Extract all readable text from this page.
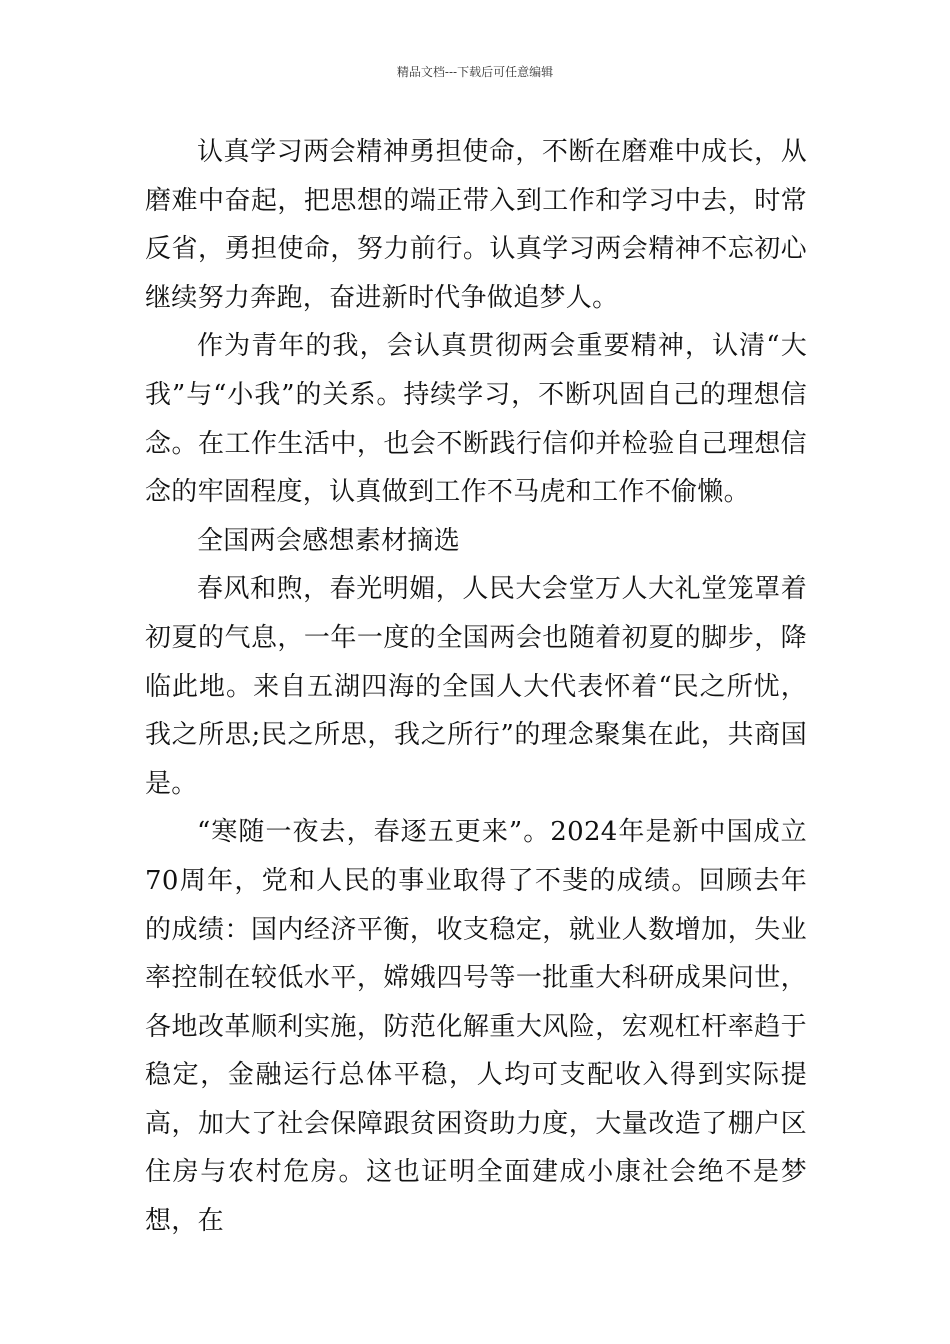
精品文档---下载后可任意编辑

认真学习两会精神勇担使命，不断在磨难中成长，从磨难中奋起，把思想的端正带入到工作和学习中去，时常反省，勇担使命，努力前行。认真学习两会精神不忘初心继续努力奔跑，奋进新时代争做追梦人。

作为青年的我，会认真贯彻两会重要精神，认清“大我”与“小我”的关系。持续学习，不断巩固自己的理想信念。在工作生活中，也会不断践行信仰并检验自己理想信念的牢固程度，认真做到工作不马虎和工作不偷懒。

全国两会感想素材摘选

春风和煦，春光明媚，人民大会堂万人大礼堂笼罩着初夏的气息，一年一度的全国两会也随着初夏的脚步，降临此地。来自五湖四海的全国人大代表怀着“民之所忧，我之所思;民之所思，我之所行”的理念聚集在此，共商国是。

“寒随一夜去，春逐五更来”。2024年是新中国成立70周年，党和人民的事业取得了不斐的成绩。回顾去年的成绩：国内经济平衡，收支稳定，就业人数增加，失业率控制在较低水平，嫦娥四号等一批重大科研成果问世，各地改革顺利实施，防范化解重大风险，宏观杠杆率趋于稳定，金融运行总体平稳，人均可支配收入得到实际提高，加大了社会保障跟贫困资助力度，大量改造了棚户区住房与农村危房。这也证明全面建成小康社会绝不是梦想，在
